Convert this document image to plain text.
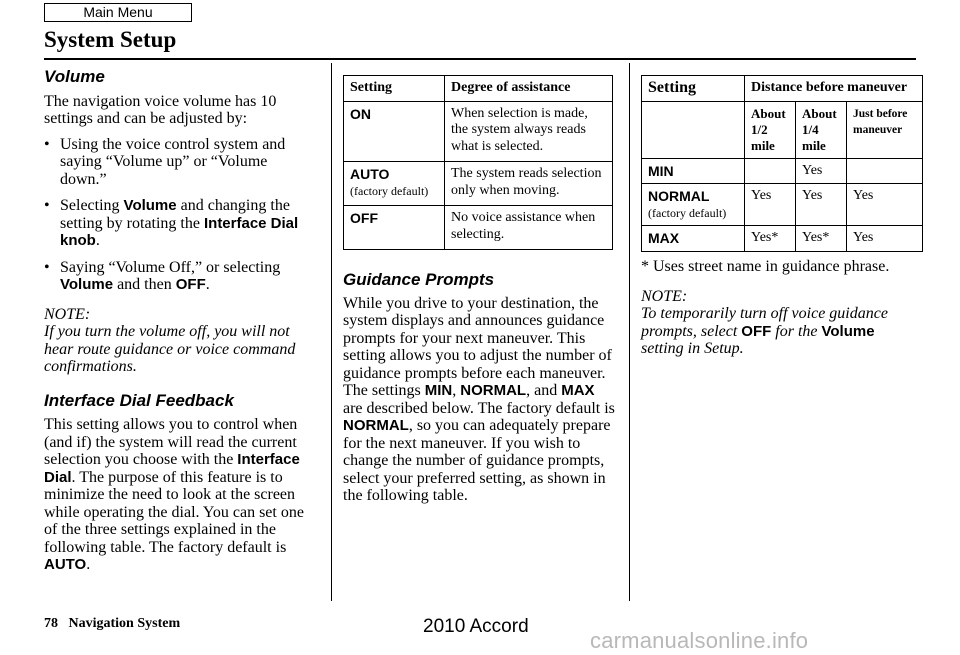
Main Menu
System Setup

Volume

The navigation voice volume has 10 settings and can be adjusted by:

• Using the voice control system and saying “Volume up” or “Volume down.”
• Selecting Volume and changing the setting by rotating the Interface Dial knob.
• Saying “Volume Off,” or selecting Volume and then OFF.

NOTE:

If you turn the volume off, you will not hear route guidance or voice command confirmations.

Interface Dial Feedback

This setting allows you to control when (and if) the system will read the current selection you choose with the Interface Dial. The purpose of this feature is to minimize the need to look at the screen while operating the dial. You can set one of the three settings explained in the following table. The factory default is AUTO.

Setting	Degree of assistance

ON	When selection is made, the system always reads what is selected.

AUTO
(factory default)	The system reads selection only when moving.

OFF	No voice assistance when selecting.

Guidance Prompts

While you drive to your destination, the system displays and announces guidance prompts for your next maneuver. This setting allows you to adjust the number of guidance prompts before each maneuver. The settings MIN, NORMAL, and MAX are described below. The factory default is NORMAL, so you can adequately prepare for the next maneuver. If you wish to change the number of guidance prompts, select your preferred setting, as shown in the following table.

Setting	Distance before maneuver		
	About 1/2 mile	About 1/4 mile	Just before maneuver

MIN		Yes	

NORMAL
(factory default)	Yes	Yes	Yes

MAX	Yes*	Yes*	Yes

* Uses street name in guidance phrase.

NOTE:

To temporarily turn off voice guidance prompts, select OFF for the Volume setting in Setup.

78 Navigation System	2010 Accord
carmanualsonline.info
